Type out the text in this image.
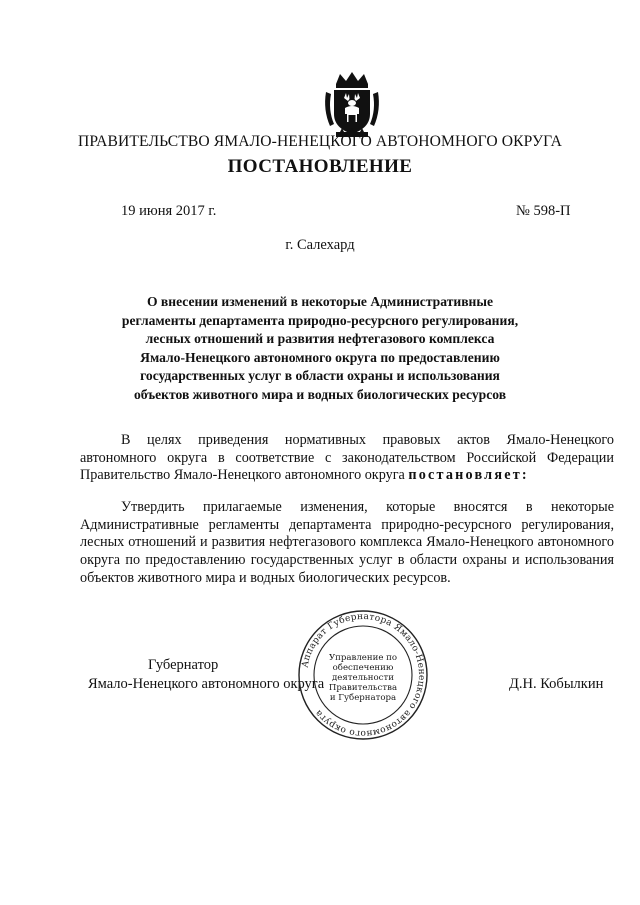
ПРАВИТЕЛЬСТВО ЯМАЛО-НЕНЕЦКОГО АВТОНОМНОГО ОКРУГА
ПОСТАНОВЛЕНИЕ
19 июня 2017 г.	№ 598-П
г. Салехард
О внесении изменений в некоторые Административные
регламенты департамента природно-ресурсного регулирования,
лесных отношений и развития нефтегазового комплекса
Ямало-Ненецкого автономного округа по предоставлению
государственных услуг в области охраны и использования
объектов животного мира и водных биологических ресурсов
В целях приведения нормативных правовых актов Ямало-Ненецкого автономного округа в соответствие с законодательством Российской Федерации Правительство Ямало-Ненецкого автономного округа постановляет:
Утвердить прилагаемые изменения, которые вносятся в некоторые Административные регламенты департамента природно-ресурсного регулирования, лесных отношений и развития нефтегазового комплекса Ямало-Ненецкого автономного округа по предоставлению государственных услуг в области охраны и использования объектов животного мира и водных биологических ресурсов.
Губернатор
Ямало-Ненецкого автономного округа	Д.Н. Кобылкин
Аппарат Губернатора Ямало-Ненецкого автономного округа
Управление по
обеспечению
деятельности
Правительства
и Губернатора
